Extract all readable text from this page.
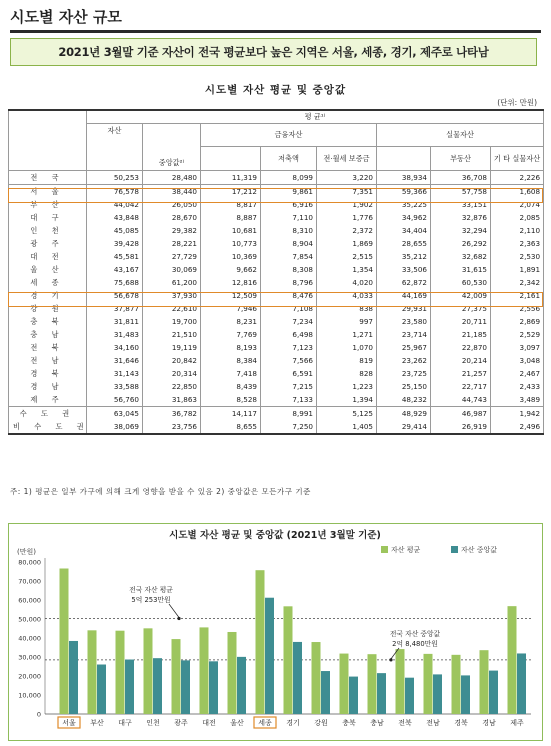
시도별 자산 규모
2021년 3월말 기준 자산이 전국 평균보다 높은 지역은 서울, 세종, 경기, 제주로 나타남
시도별 자산 평균 및 중앙값
(단위: 만원)
	평 균¹⁾							
	자산	중앙값²⁾	금융자산			실물자산		
				저축액	전·월세 보증금		부동산	기 타 실물자산
전 국	50,253	28,480	11,319	8,099	3,220	38,934	36,708	2,226
서 울	76,578	38,440	17,212	9,861	7,351	59,366	57,758	1,608
부 산	44,042	26,050	8,817	6,916	1,902	35,225	33,151	2,074
대 구	43,848	28,670	8,887	7,110	1,776	34,962	32,876	2,085
인 천	45,085	29,382	10,681	8,310	2,372	34,404	32,294	2,110
광 주	39,428	28,221	10,773	8,904	1,869	28,655	26,292	2,363
대 전	45,581	27,729	10,369	7,854	2,515	35,212	32,682	2,530
울 산	43,167	30,069	9,662	8,308	1,354	33,506	31,615	1,891
세 종	75,688	61,200	12,816	8,796	4,020	62,872	60,530	2,342
경 기	56,678	37,930	12,509	8,476	4,033	44,169	42,009	2,161
강 원	37,877	22,610	7,946	7,108	838	29,931	27,375	2,556
충 북	31,811	19,700	8,231	7,234	997	23,580	20,711	2,869
충 남	31,483	21,510	7,769	6,498	1,271	23,714	21,185	2,529
전 북	34,160	19,119	8,193	7,123	1,070	25,967	22,870	3,097
전 남	31,646	20,842	8,384	7,566	819	23,262	20,214	3,048
경 북	31,143	20,314	7,418	6,591	828	23,725	21,257	2,467
경 남	33,588	22,850	8,439	7,215	1,223	25,150	22,717	2,433
제 주	56,760	31,863	8,528	7,133	1,394	48,232	44,743	3,489
수 도 권	63,045	36,782	14,117	8,991	5,125	48,929	46,987	1,942
비 수 도 권	38,069	23,756	8,655	7,250	1,405	29,414	26,919	2,496
주: 1) 평균은 일부 가구에 의해 크게 영향을 받을 수 있음 2) 중앙값은 모든가구 기준
시도별 자산 평균 및 중앙값 (2021년 3월말 기준)
(만원)
0
10,000
20,000
30,000
40,000
50,000
60,000
70,000
80,000
자산 평균	자산 중앙값
서울 부산 대구 인천 광주 대전 울산 세종 경기 강원 충북 충남 전북 전남 경북 경남 제주
전국 자산 평균
5억 253만원
전국 자산 중앙값
2억 8,480만원
